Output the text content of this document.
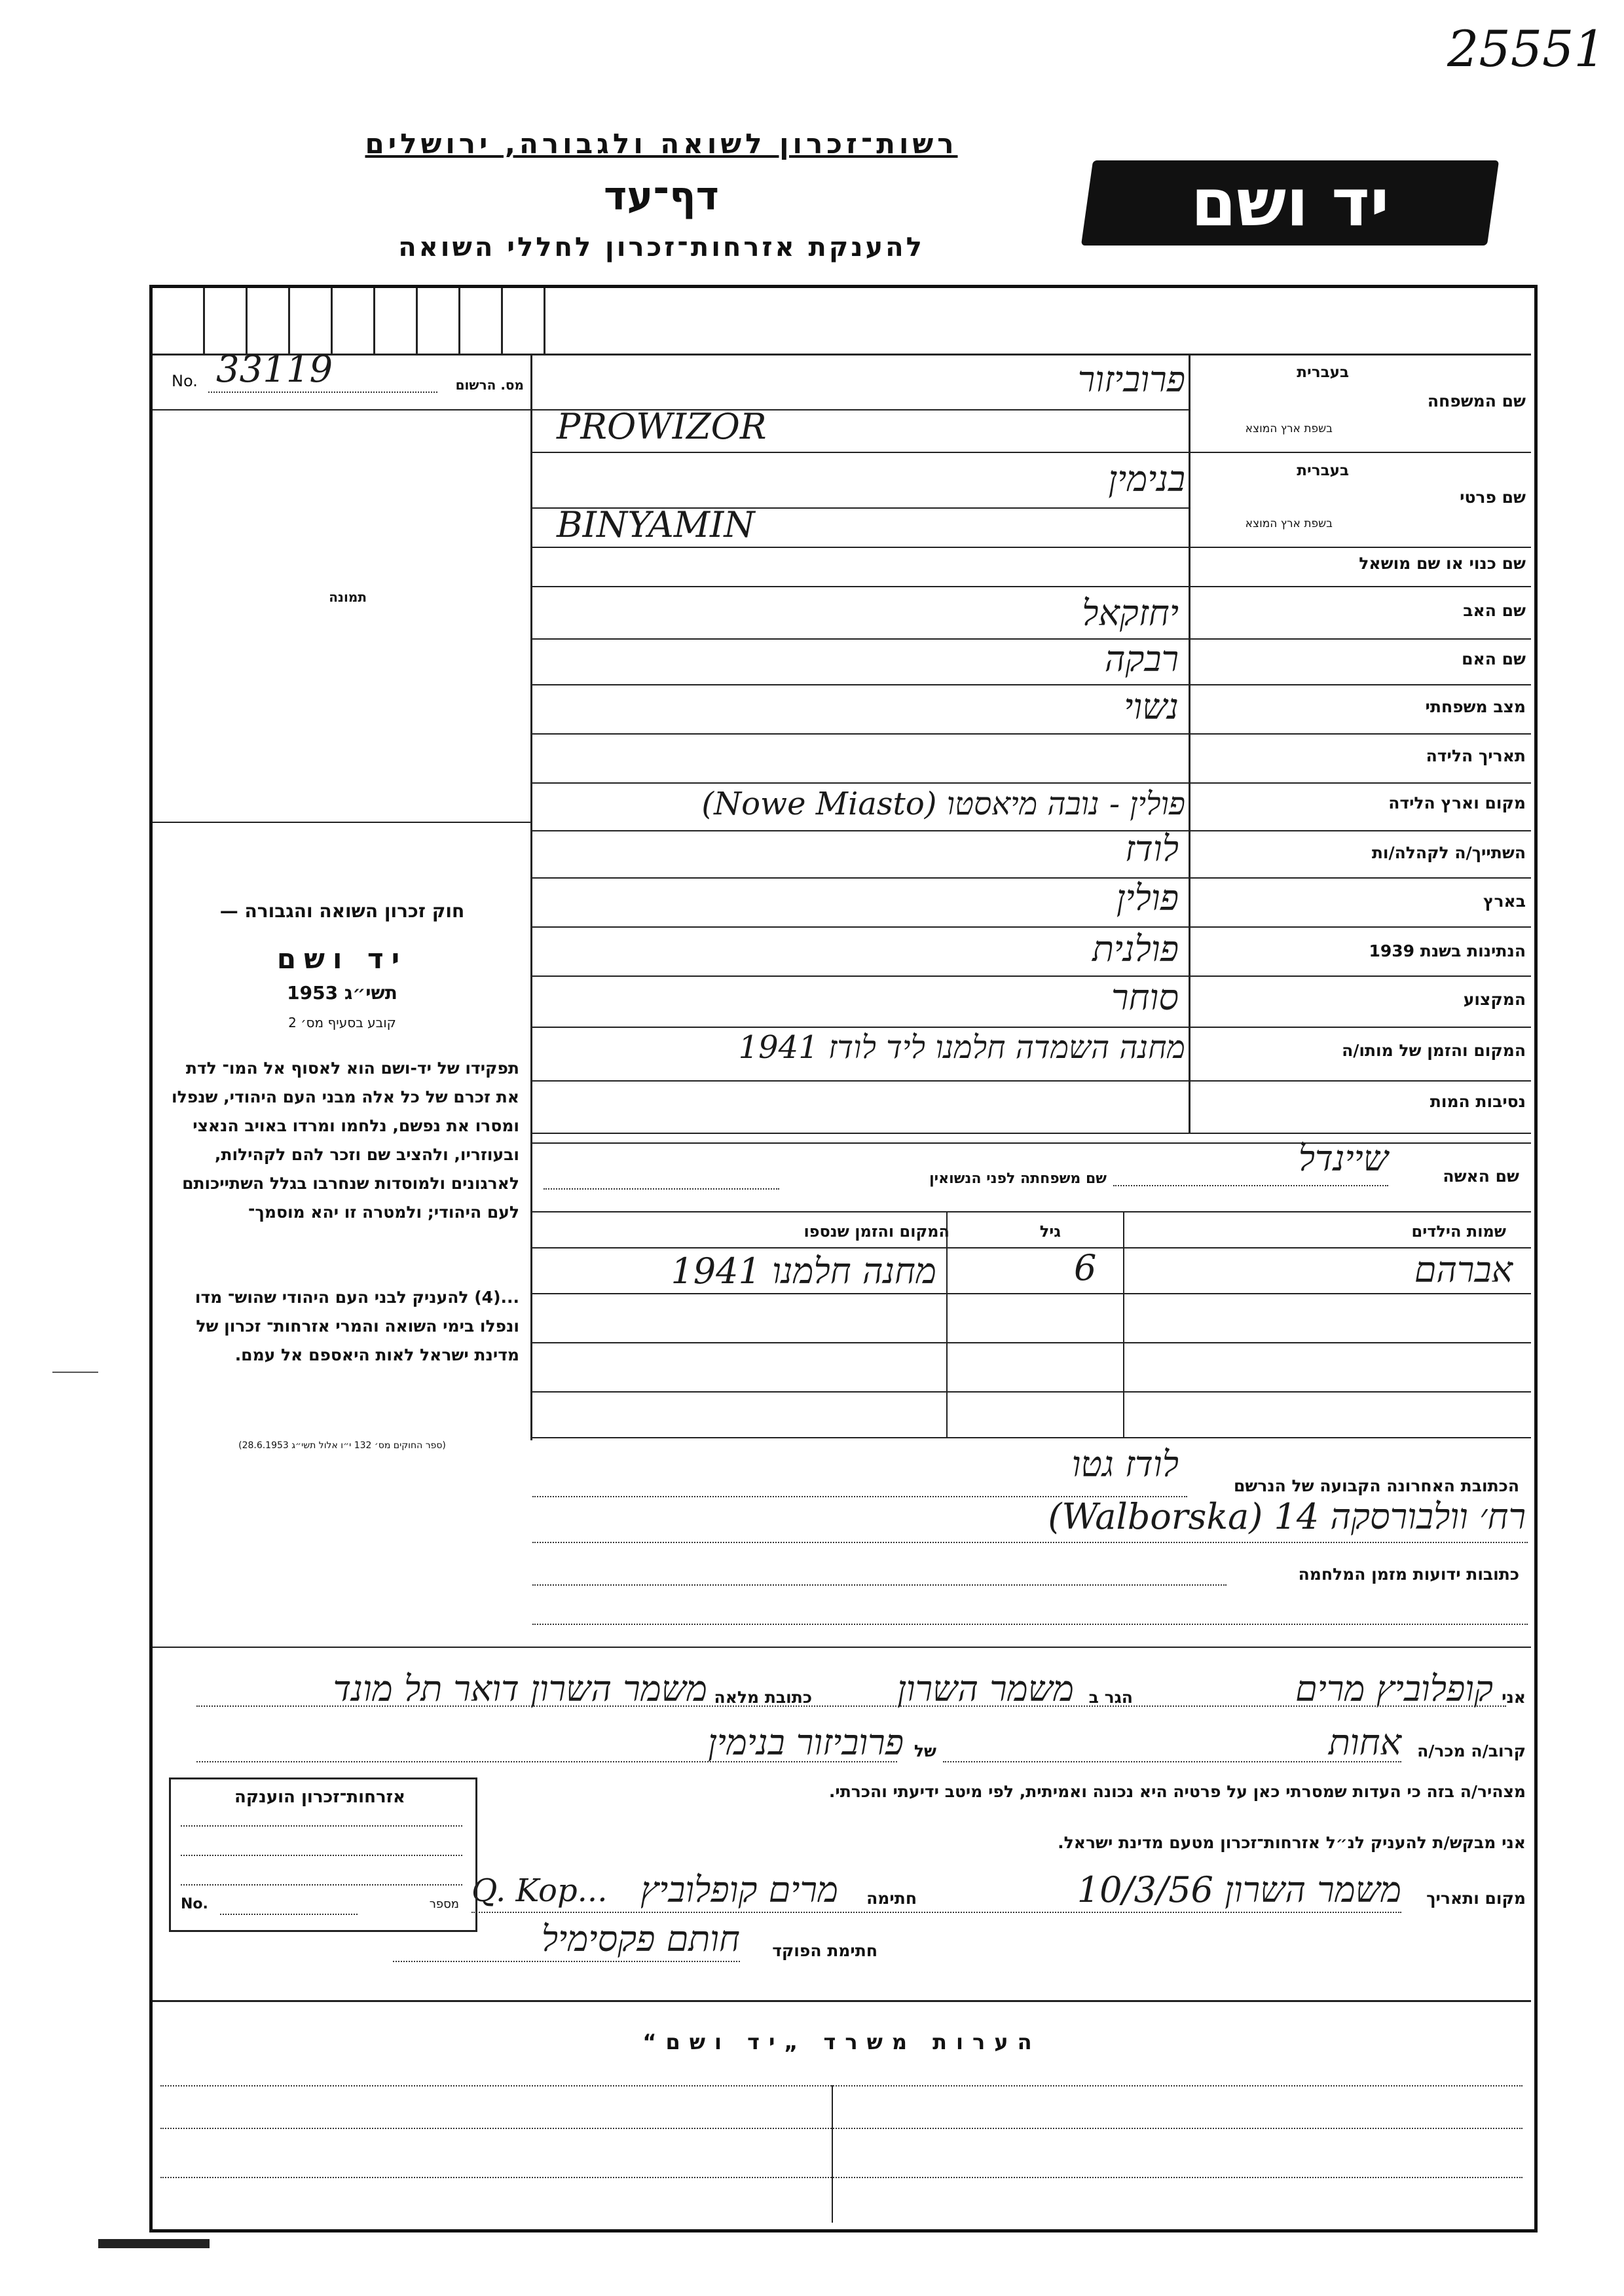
25551
רשות־זכרון לשואה ולגבורה, ירושלים
דף־עד
להענקת אזרחות־זכרון לחללי השואה
יד ושם
No. 33119	מס. הרשום
תמונה
חוק זכרון השואה והגבורה —
יד ושם
תשי״ג 1953
קובע בסעיף מס׳ 2
תפקידו של יד-ושם הוא לאסוף אל המו־ לדת את זכרם של כל אלה מבני העם היהודי, שנפלו ומסרו את נפשם, נלחמו ומרדו באויב הנאצי ובעוזריו, ולהציב שם וזכר להם לקהילות, לארגונים ולמוסדות שנחרבו בגלל השתייכותם לעם היהודי; ולמטרה זו יהא מוסמך־
...(4) להעניק לבני העם היהודי שהוש־ מדו ונפלו בימי השואה והמרי אזרחות־ זכרון של מדינת ישראל לאות היאספם אל עמם.
(ספר החוקים מס׳ 132 י״ו אלול תשי״ג 28.6.1953)
שם המשפחה
בעברית
בשפת ארץ המוצא
פרוביזור
PROWIZOR
שם פרטי
בעברית
בשפת ארץ המוצא
בנימין
BINYAMIN
שם כנוי או שם מושאל
שם האב
יחזקאל
שם האם
רבקה
מצב משפחתי
נשוי
תאריך הלידה
מקום וארץ הלידה
פולין - נובה מיאסטו (Nowe Miasto)
השתייך/ה לקהלה/ות
לודז
בארץ
פולין
הנתינות בשנת 1939
פולנית
המקצוע
סוחר
המקום והזמן של מותו/ה
מחנה השמדה חלמנו ליד לודז 1941
נסיבות המות
שם האשה
שיינדל
שם משפחתה לפני הנשואין
שמות הילדים
גיל
המקום והזמן שנספו
אברהם
6
מחנה חלמנו 1941
הכתובת האחרונה הקבועה של הנרשם
לודז גטו
רח׳ וולבורסקה 14 (Walborska)
כתובות ידועות מזמן המלחמה
אני
קופלוביץ מרים
הגר ב
משמר השרון
כתובת מלאה
משמר השרון דואר תל מונד
קרוב/ה מכר/ה
אחות
של
פרוביזור בנימין
מצהיר/ה בזה כי העדות שמסרתי כאן על פרטיה היא נכונה ואמיתית, לפי מיטב ידיעתי והכרתי.
אני מבקש/ת להעניק לנ״ל אזרחות־זכרון מטעם מדינת ישראל.
מקום ותאריך
משמר השרון 10/3/56
חתימה
מרים קופלוביץ
Q. Kop...
חתימת הפוקד
חותם פקסימיל
אזרחות־זכרון הוענקה
No.	מספר
הערות משרד „יד ושם“
